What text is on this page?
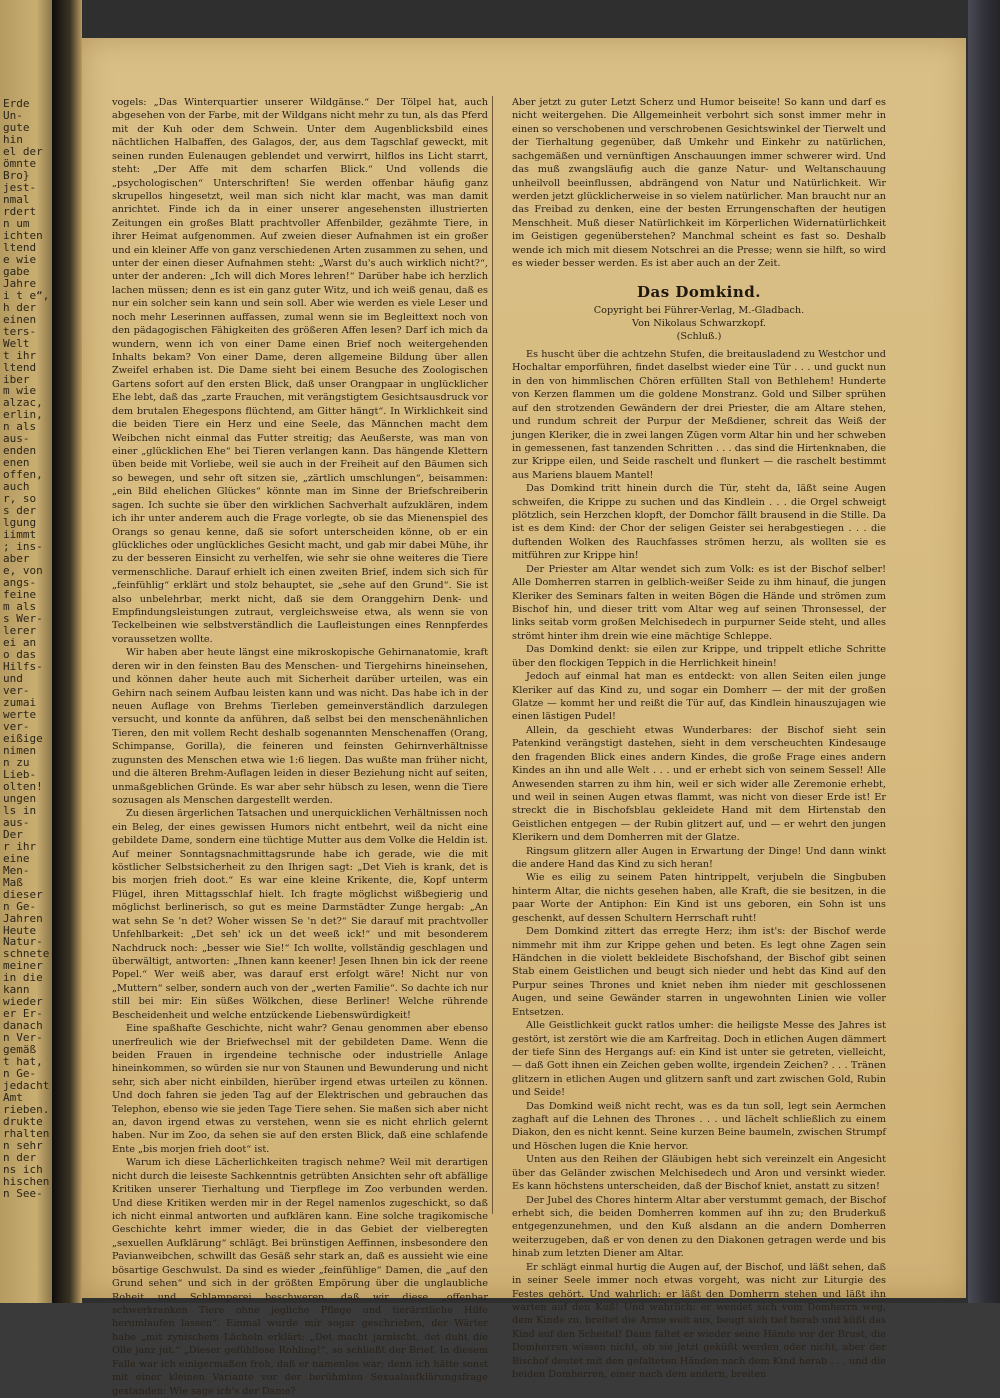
Erde
Un-
gute
hin
el der
ömnte
Bro}
jest-
nmal
rdert
n um
ichten
ltend
e wie
gabe
Jahre
i t e“,
h der
einen
ters-
Welt
t ihr
ltend
iber
m wie
alzac,
erlin,
n als
aus-
enden
enen
offen,
auch
r, so
s der
lgung
iimmt
; ins-
aber
e, von
angs-
feine
m als
s Wer-
lerer
ei an
o das
Hilfs-
und
ver-
zumai
werte
ver-
eißige
nimen
n zu
Lieb-
olten!
ungen
ls in
aus-
Der
r ihr
eine
Men-
Maß
dieser
n Ge-
Jahren
Heute
Natur-
schnete
meiner
in die
kann
wieder
er Er-
danach
n Ver-
gemäß
t hat,
n Ge-
jedacht
Amt
rieben.
drukte
rhalten
n sehr
n der
ns ich
hischen
n See-

vogels: „Das Winterquartier unserer Wildgänse.“ Der Tölpel hat, auch abgesehen von der Farbe, mit der Wildgans nicht mehr zu tun, als das Pferd mit der Kuh oder dem Schwein. Unter dem Augenblicksbild eines nächtlichen Halbaffen, des Galagos, der, aus dem Tagschlaf geweckt, mit seinen runden Eulenaugen geblendet und verwirrt, hilflos ins Licht starrt, steht: „Der Affe mit dem scharfen Blick.“ Und vollends die „psychologischen“ Unterschriften! Sie werden offenbar häufig ganz skrupellos hingesetzt, weil man sich nicht klar macht, was man damit anrichtet. Finde ich da in einer unserer angesehensten illustrierten Zeitungen ein großes Blatt prachtvoller Affenbilder, gezähmte Tiere, in ihrer Heimat aufgenommen. Auf zweien dieser Aufnahmen ist ein großer und ein kleiner Affe von ganz verschiedenen Arten zusammen zu sehen, und unter der einen dieser Aufnahmen steht: „Warst du's auch wirklich nicht?“, unter der anderen: „Ich will dich Mores lehren!“ Darüber habe ich herzlich lachen müssen; denn es ist ein ganz guter Witz, und ich weiß genau, daß es nur ein solcher sein kann und sein soll. Aber wie werden es viele Leser und noch mehr Leserinnen auffassen, zumal wenn sie im Begleittext noch von den pädagogischen Fähigkeiten des größeren Affen lesen? Darf ich mich da wundern, wenn ich von einer Dame einen Brief noch weitergehenden Inhalts bekam? Von einer Dame, deren allgemeine Bildung über allen Zweifel erhaben ist. Die Dame sieht bei einem Besuche des Zoologischen Gartens sofort auf den ersten Blick, daß unser Orangpaar in unglücklicher Ehe lebt, daß das „zarte Frauchen, mit verängstigtem Gesichtsausdruck vor dem brutalen Ehegespons flüchtend, am Gitter hängt“. In Wirklichkeit sind die beiden Tiere ein Herz und eine Seele, das Männchen macht dem Weibchen nicht einmal das Futter streitig; das Aeußerste, was man von einer „glücklichen Ehe“ bei Tieren verlangen kann. Das hängende Klettern üben beide mit Vorliebe, weil sie auch in der Freiheit auf den Bäumen sich so bewegen, und sehr oft sitzen sie, „zärtlich umschlungen“, beisammen: „ein Bild ehelichen Glückes“ könnte man im Sinne der Briefschreiberin sagen. Ich suchte sie über den wirklichen Sachverhalt aufzuklären, indem ich ihr unter anderem auch die Frage vorlegte, ob sie das Mienenspiel des Orangs so genau kenne, daß sie sofort unterscheiden könne, ob er ein glückliches oder unglückliches Gesicht macht, und gab mir dabei Mühe, ihr zu der besseren Einsicht zu verhelfen, wie sehr sie ohne weiteres die Tiere vermenschliche. Darauf erhielt ich einen zweiten Brief, indem sich sich für „feinfühlig“ erklärt und stolz behauptet, sie „sehe auf den Grund“. Sie ist also unbelehrbar, merkt nicht, daß sie dem Oranggehirn Denk- und Empfindungsleistungen zutraut, vergleichsweise etwa, als wenn sie von Teckelbeinen wie selbstverständlich die Laufleistungen eines Rennpferdes voraussetzen wollte.

Wir haben aber heute längst eine mikroskopische Gehirnanatomie, kraft deren wir in den feinsten Bau des Menschen- und Tiergehirns hineinsehen, und können daher heute auch mit Sicherheit darüber urteilen, was ein Gehirn nach seinem Aufbau leisten kann und was nicht. Das habe ich in der neuen Auflage von Brehms Tierleben gemeinverständlich darzulegen versucht, und konnte da anführen, daß selbst bei den menschenähnlichen Tieren, den mit vollem Recht deshalb sogenannten Menschenaffen (Orang, Schimpanse, Gorilla), die feineren und feinsten Gehirnverhältnisse zugunsten des Menschen etwa wie 1:6 liegen. Das wußte man früher nicht, und die älteren Brehm-Auflagen leiden in dieser Beziehung nicht auf seiten, unmaßgeblichen Gründe. Es war aber sehr hübsch zu lesen, wenn die Tiere sozusagen als Menschen dargestellt werden.

Zu diesen ärgerlichen Tatsachen und unerquicklichen Verhältnissen noch ein Beleg, der eines gewissen Humors nicht entbehrt, weil da nicht eine gebildete Dame, sondern eine tüchtige Mutter aus dem Volke die Heldin ist. Auf meiner Sonntagsnachmittagsrunde habe ich gerade, wie die mit köstlicher Selbstsicherheit zu den Ihrigen sagt: „Det Vieh is krank, det is bis morjen frieh doot.“ Es war eine kleine Krikente, die, Kopf unterm Flügel, ihren Mittagsschlaf hielt. Ich fragte möglichst wißbegierig und möglichst berlinerisch, so gut es meine Darmstädter Zunge hergab: „An wat sehn Se 'n det? Woher wissen Se 'n det?“ Sie darauf mit prachtvoller Unfehlbarkeit: „Det seh' ick un det weeß ick!“ und mit besonderem Nachdruck noch: „besser wie Sie!“ Ich wollte, vollständig geschlagen und überwältigt, antworten: „Ihnen kann keener! Jesen Ihnen bin ick der reene Popel.“ Wer weiß aber, was darauf erst erfolgt wäre! Nicht nur von „Muttern“ selber, sondern auch von der „werten Familie“. So dachte ich nur still bei mir: Ein süßes Wölkchen, diese Berliner! Welche rührende Bescheidenheit und welche entzückende Liebenswürdigkeit!

Eine spaßhafte Geschichte, nicht wahr? Genau genommen aber ebenso unerfreulich wie der Briefwechsel mit der gebildeten Dame. Wenn die beiden Frauen in irgendeine technische oder industrielle Anlage hineinkommen, so würden sie nur von Staunen und Bewunderung und nicht sehr, sich aber nicht einbilden, hierüber irgend etwas urteilen zu können. Und doch fahren sie jeden Tag auf der Elektrischen und gebrauchen das Telephon, ebenso wie sie jeden Tage Tiere sehen. Sie maßen sich aber nicht an, davon irgend etwas zu verstehen, wenn sie es nicht ehrlich gelernt haben. Nur im Zoo, da sehen sie auf den ersten Blick, daß eine schlafende Ente „bis morjen frieh doot“ ist.

Warum ich diese Lächerlichkeiten tragisch nehme? Weil mit derartigen nicht durch die leiseste Sachkenntnis getrübten Ansichten sehr oft abfällige Kritiken unserer Tierhaltung und Tierpflege im Zoo verbunden werden. Und diese Kritiken werden mir in der Regel namenlos zugeschickt, so daß ich nicht einmal antworten und aufklären kann. Eine solche tragikomische Geschichte kehrt immer wieder, die in das Gebiet der vielberegten „sexuellen Aufklärung“ schlägt. Bei brünstigen Aeffinnen, insbesondere den Pavianweibchen, schwillt das Gesäß sehr stark an, daß es aussieht wie eine bösartige Geschwulst. Da sind es wieder „feinfühlige“ Damen, die „auf den Grund sehen“ und sich in der größten Empörung über die unglaubliche Roheit und Schlamperei beschweren, daß wir diese „offenbar schwerkranken Tiere ohne jegliche Pflege und tierärztliche Hilfe herumlaufen lassen“. Einmal wurde mir sogar geschrieben, der Wärter habe „mit zynischem Lächeln erklärt: „Det macht jarnischt, det duht die Olle janz jut.“ „Dieser gefühllose Rohling!“, so schließt der Brief. In diesem Falle war ich einigermaßen froh, daß er namenlos war; denn ich hätte sonst mit einer kleinen Variante vor der berühmten Sexualaufklärungsfrage gestanden: Wie sage ich's der Dame?

Aber jetzt zu guter Letzt Scherz und Humor beiseite! So kann und darf es nicht weitergehen. Die Allgemeinheit verbohrt sich sonst immer mehr in einen so verschobenen und verschrobenen Gesichtswinkel der Tierwelt und der Tierhaltung gegenüber, daß Umkehr und Einkehr zu natürlichen, sachgemäßen und vernünftigen Anschauungen immer schwerer wird. Und das muß zwangsläufig auch die ganze Natur- und Weltanschauung unheilvoll beeinflussen, abdrängend von Natur und Natürlichkeit. Wir werden jetzt glücklicherweise in so vielem natürlicher. Man braucht nur an das Freibad zu denken, eine der besten Errungenschaften der heutigen Menschheit. Muß dieser Natürlichkeit im Körperlichen Widernatürlichkeit im Geistigen gegenüberstehen? Manchmal scheint es fast so. Deshalb wende ich mich mit diesem Notschrei an die Presse; wenn sie hilft, so wird es wieder besser werden. Es ist aber auch an der Zeit.

Das Domkind.
Copyright bei Führer-Verlag, M.-Gladbach.
Von Nikolaus Schwarzkopf.
(Schluß.)

Es huscht über die achtzehn Stufen, die breitausladend zu Westchor und Hochaltar emporführen, findet daselbst wieder eine Tür . . . und guckt nun in den von himmlischen Chören erfüllten Stall von Bethlehem! Hunderte von Kerzen flammen um die goldene Monstranz. Gold und Silber sprühen auf den strotzenden Gewändern der drei Priester, die am Altare stehen, und rundum schreit der Purpur der Meßdiener, schreit das Weiß der jungen Kleriker, die in zwei langen Zügen vorm Altar hin und her schweben in gemessenen, fast tanzenden Schritten . . . das sind die Hirtenknaben, die zur Krippe eilen, und Seide raschelt und flunkert — die raschelt bestimmt aus Mariens blauem Mantel!

Das Domkind tritt hinein durch die Tür, steht da, läßt seine Augen schweifen, die Krippe zu suchen und das Kindlein . . . die Orgel schweigt plötzlich, sein Herzchen klopft, der Domchor fällt brausend in die Stille. Da ist es dem Kind: der Chor der seligen Geister sei herabgestiegen . . . die duftenden Wolken des Rauchfasses strömen herzu, als wollten sie es mitführen zur Krippe hin!

Der Priester am Altar wendet sich zum Volk: es ist der Bischof selber! Alle Domherren starren in gelblich-weißer Seide zu ihm hinauf, die jungen Kleriker des Seminars falten in weiten Bögen die Hände und strömen zum Bischof hin, und dieser tritt vom Altar weg auf seinen Thronsessel, der links seitab vorm großen Melchisedech in purpurner Seide steht, und alles strömt hinter ihm drein wie eine mächtige Schleppe.

Das Domkind denkt: sie eilen zur Krippe, und trippelt etliche Schritte über den flockigen Teppich in die Herrlichkeit hinein!

Jedoch auf einmal hat man es entdeckt: von allen Seiten eilen junge Kleriker auf das Kind zu, und sogar ein Domherr — der mit der großen Glatze — kommt her und reißt die Tür auf, das Kindlein hinauszujagen wie einen lästigen Pudel!

Allein, da geschieht etwas Wunderbares: der Bischof sieht sein Patenkind verängstigt dastehen, sieht in dem verscheuchten Kindesauge den fragenden Blick eines andern Kindes, die große Frage eines andern Kindes an ihn und alle Welt . . . und er erhebt sich von seinem Sessel! Alle Anwesenden starren zu ihm hin, weil er sich wider alle Zeremonie erhebt, und weil in seinen Augen etwas flammt, was nicht von dieser Erde ist! Er streckt die in Bischofsblau gekleidete Hand mit dem Hirtenstab den Geistlichen entgegen — der Rubin glitzert auf, und — er wehrt den jungen Klerikern und dem Domherren mit der Glatze.

Ringsum glitzern aller Augen in Erwartung der Dinge! Und dann winkt die andere Hand das Kind zu sich heran!

Wie es eilig zu seinem Paten hintrippelt, verjubeln die Singbuben hinterm Altar, die nichts gesehen haben, alle Kraft, die sie besitzen, in die paar Worte der Antiphon: Ein Kind ist uns geboren, ein Sohn ist uns geschenkt, auf dessen Schultern Herrschaft ruht!

Dem Domkind zittert das erregte Herz; ihm ist's: der Bischof werde nimmehr mit ihm zur Krippe gehen und beten. Es legt ohne Zagen sein Händchen in die violett bekleidete Bischofshand, der Bischof gibt seinen Stab einem Geistlichen und beugt sich nieder und hebt das Kind auf den Purpur seines Thrones und kniet neben ihm nieder mit geschlossenen Augen, und seine Gewänder starren in ungewohnten Linien wie voller Entsetzen.

Alle Geistlichkeit guckt ratlos umher: die heiligste Messe des Jahres ist gestört, ist zerstört wie die am Karfreitag. Doch in etlichen Augen dämmert der tiefe Sinn des Hergangs auf: ein Kind ist unter sie getreten, vielleicht, — daß Gott ihnen ein Zeichen geben wollte, irgendein Zeichen? . . . Tränen glitzern in etlichen Augen und glitzern sanft und zart zwischen Gold, Rubin und Seide!

Das Domkind weiß nicht recht, was es da tun soll, legt sein Aermchen zaghaft auf die Lehnen des Thrones . . . und lächelt schließlich zu einem Diakon, den es nicht kennt. Seine kurzen Beine baumeln, zwischen Strumpf und Höschen lugen die Knie hervor.

Unten aus den Reihen der Gläubigen hebt sich vereinzelt ein Angesicht über das Geländer zwischen Melchisedech und Aron und versinkt wieder. Es kann höchstens unterscheiden, daß der Bischof kniet, anstatt zu sitzen!

Der Jubel des Chores hinterm Altar aber verstummt gemach, der Bischof erhebt sich, die beiden Domherren kommen auf ihn zu; den Bruderkuß entgegenzunehmen, und den Kuß alsdann an die andern Domherren weiterzugeben, daß er von denen zu den Diakonen getragen werde und bis hinab zum letzten Diener am Altar.

Er schlägt einmal hurtig die Augen auf, der Bischof, und läßt sehen, daß in seiner Seele immer noch etwas vorgeht, was nicht zur Liturgie des Festes gehört. Und wahrlich: er läßt den Domherrn stehen und läßt ihn warten auf den Kuß! Und wahrlich: er wendet sich vom Domherrn weg, dem Kinde zu, breitet die Arme weit aus, beugt sich tief herab und küßt das Kind auf den Scheitel! Dann faltet er wieder seine Hände vor der Brust, die Domherren wissen nicht, ob sie jetzt geküßt werden oder nicht, aber der Bischof deutet mit den gefalteten Händen nach dem Kind herab . . . und die beiden Domherren, einer nach dem andern, breiten
